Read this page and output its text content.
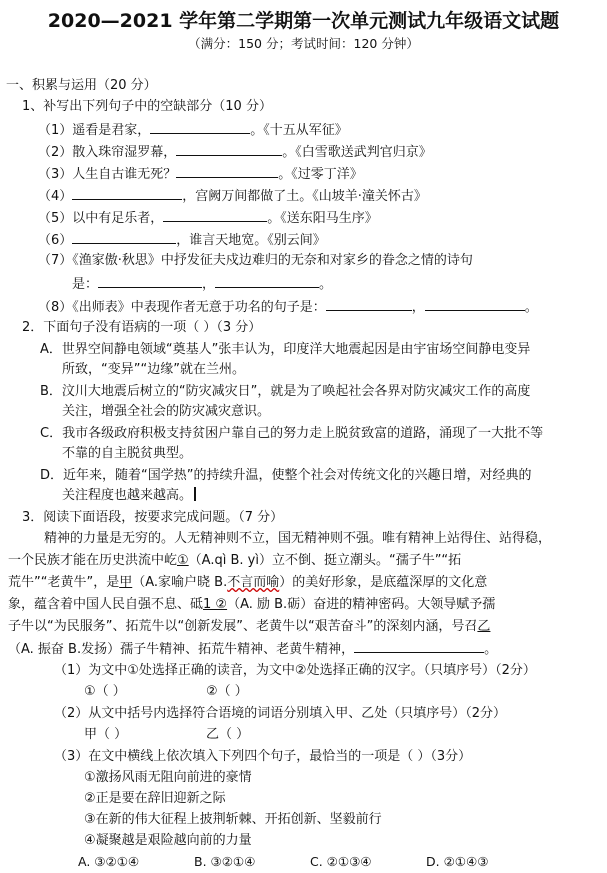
2020—2021 学年第二学期第一次单元测试九年级语文试题
（满分：150 分；考试时间：120 分钟）
一、积累与运用（20 分）
1、补写出下列句子中的空缺部分（10 分）
（1）遥看是君家，	。《十五从军征》
（2）散入珠帘湿罗幕，	。《白雪歌送武判官归京》
（3）人生自古谁无死？	。《过零丁洋》
（4）	，宫阙万间都做了土。《山坡羊·潼关怀古》
（5）以中有足乐者，	。《送东阳马生序》
（6）	，谁言天地宽。《别云间》
（7）《渔家傲·秋思》中抒发征夫戍边难归的无奈和对家乡的眷念之情的诗句
是：	，	。
（8）《出师表》中表现作者无意于功名的句子是：	，	。
2．下面句子没有语病的一项（ ）（3 分）
A．世界空间静电领域“奠基人”张丰认为，印度洋大地震起因是由宇宙场空间静电变异
所致，“变异”“边缘”就在兰州。
B．汶川大地震后树立的“防灾减灾日”，就是为了唤起社会各界对防灾减灾工作的高度
关注，增强全社会的防灾减灾意识。
C．我市各级政府积极支持贫困户靠自己的努力走上脱贫致富的道路，涌现了一大批不等
不靠的自主脱贫典型。
D．近年来，随着“国学热”的持续升温，使整个社会对传统文化的兴趣日增，对经典的
关注程度也越来越高。
3．阅读下面语段，按要求完成问题。（7 分）
精神的力量是无穷的。人无精神则不立，国无精神则不强。唯有精神上站得住、站得稳，
一个民族才能在历史洪流中屹①（A.qì B. yì）立不倒、挺立潮头。“孺子牛”“拓
荒牛”“老黄牛”，是甲（A.家喻户晓 B.不言而喻）的美好形象，是底蕴深厚的文化意
象，蕴含着中国人民自强不息、砥1 ②（A. 励 B.砺）奋进的精神密码。大领导赋予孺
子牛以“为民服务”、拓荒牛以“创新发展”、老黄牛以“艰苦奋斗”的深刻内涵，号召乙
（A. 振奋 B.发扬）孺子牛精神、拓荒牛精神、老黄牛精神，	。
（1）为文中①处选择正确的读音，为文中②处选择正确的汉字。（只填序号）（2分）
①（ ）	②（ ）
（2）从文中括号内选择符合语境的词语分别填入甲、乙处（只填序号）（2分）
甲（ ）	乙（ ）
（3）在文中横线上依次填入下列四个句子，最恰当的一项是（ ）（3分）
①激扬风雨无阻向前进的豪情
②正是要在辞旧迎新之际
③在新的伟大征程上披荆斩棘、开拓创新、坚毅前行
④凝聚越是艰险越向前的力量
A. ③②①④	B. ③②①④	C. ②①③④	D. ②①④③
